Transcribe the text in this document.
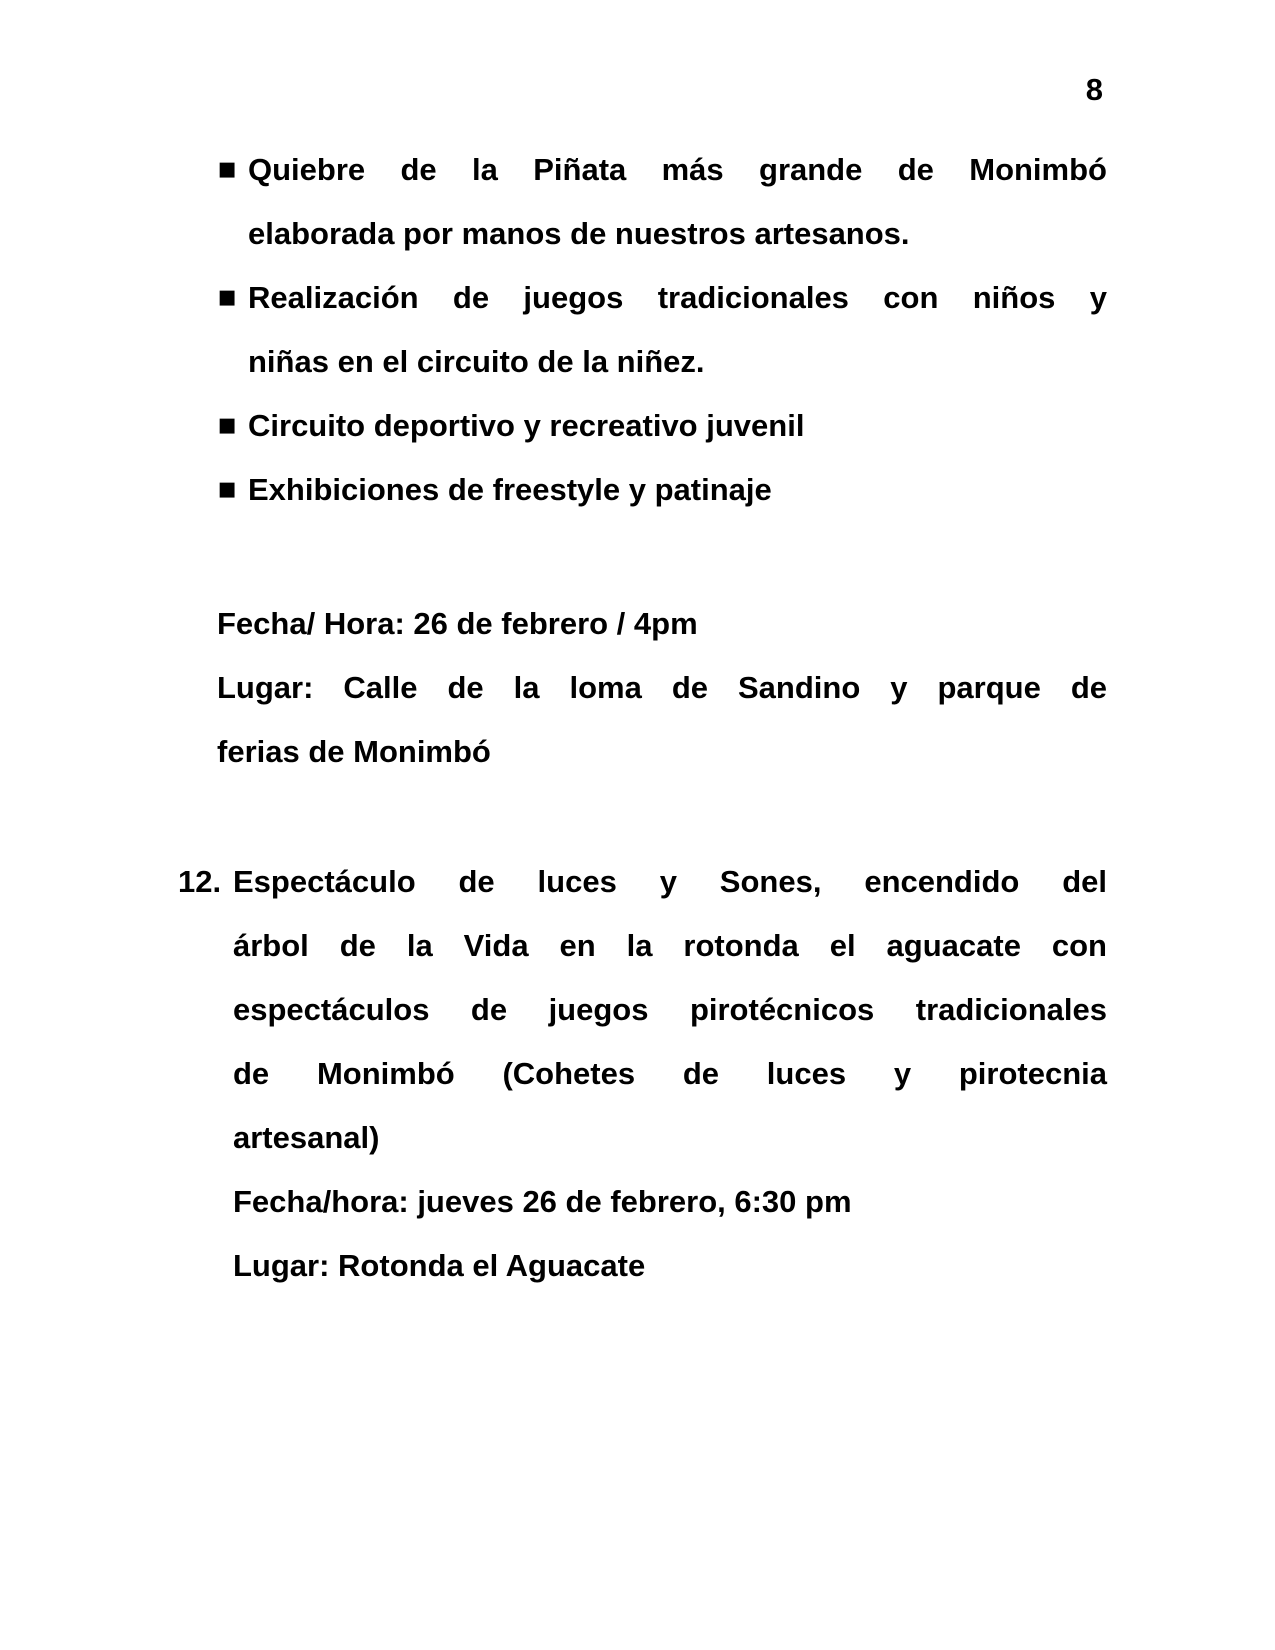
8
▪ Quiebre de la Piñata más grande de Monimbó
elaborada por manos de nuestros artesanos.
▪ Realización de juegos tradicionales con niños y
niñas en el circuito de la niñez.
▪ Circuito deportivo y recreativo juvenil
▪ Exhibiciones de freestyle y patinaje
Fecha/ Hora: 26 de febrero / 4pm
Lugar: Calle de la loma de Sandino y parque de
ferias de Monimbó
12. Espectáculo de luces y Sones, encendido del
árbol de la Vida en la rotonda el aguacate con
espectáculos de juegos pirotécnicos tradicionales
de Monimbó (Cohetes de luces y pirotecnia
artesanal)
Fecha/hora: jueves 26 de febrero, 6:30 pm
Lugar: Rotonda el Aguacate
